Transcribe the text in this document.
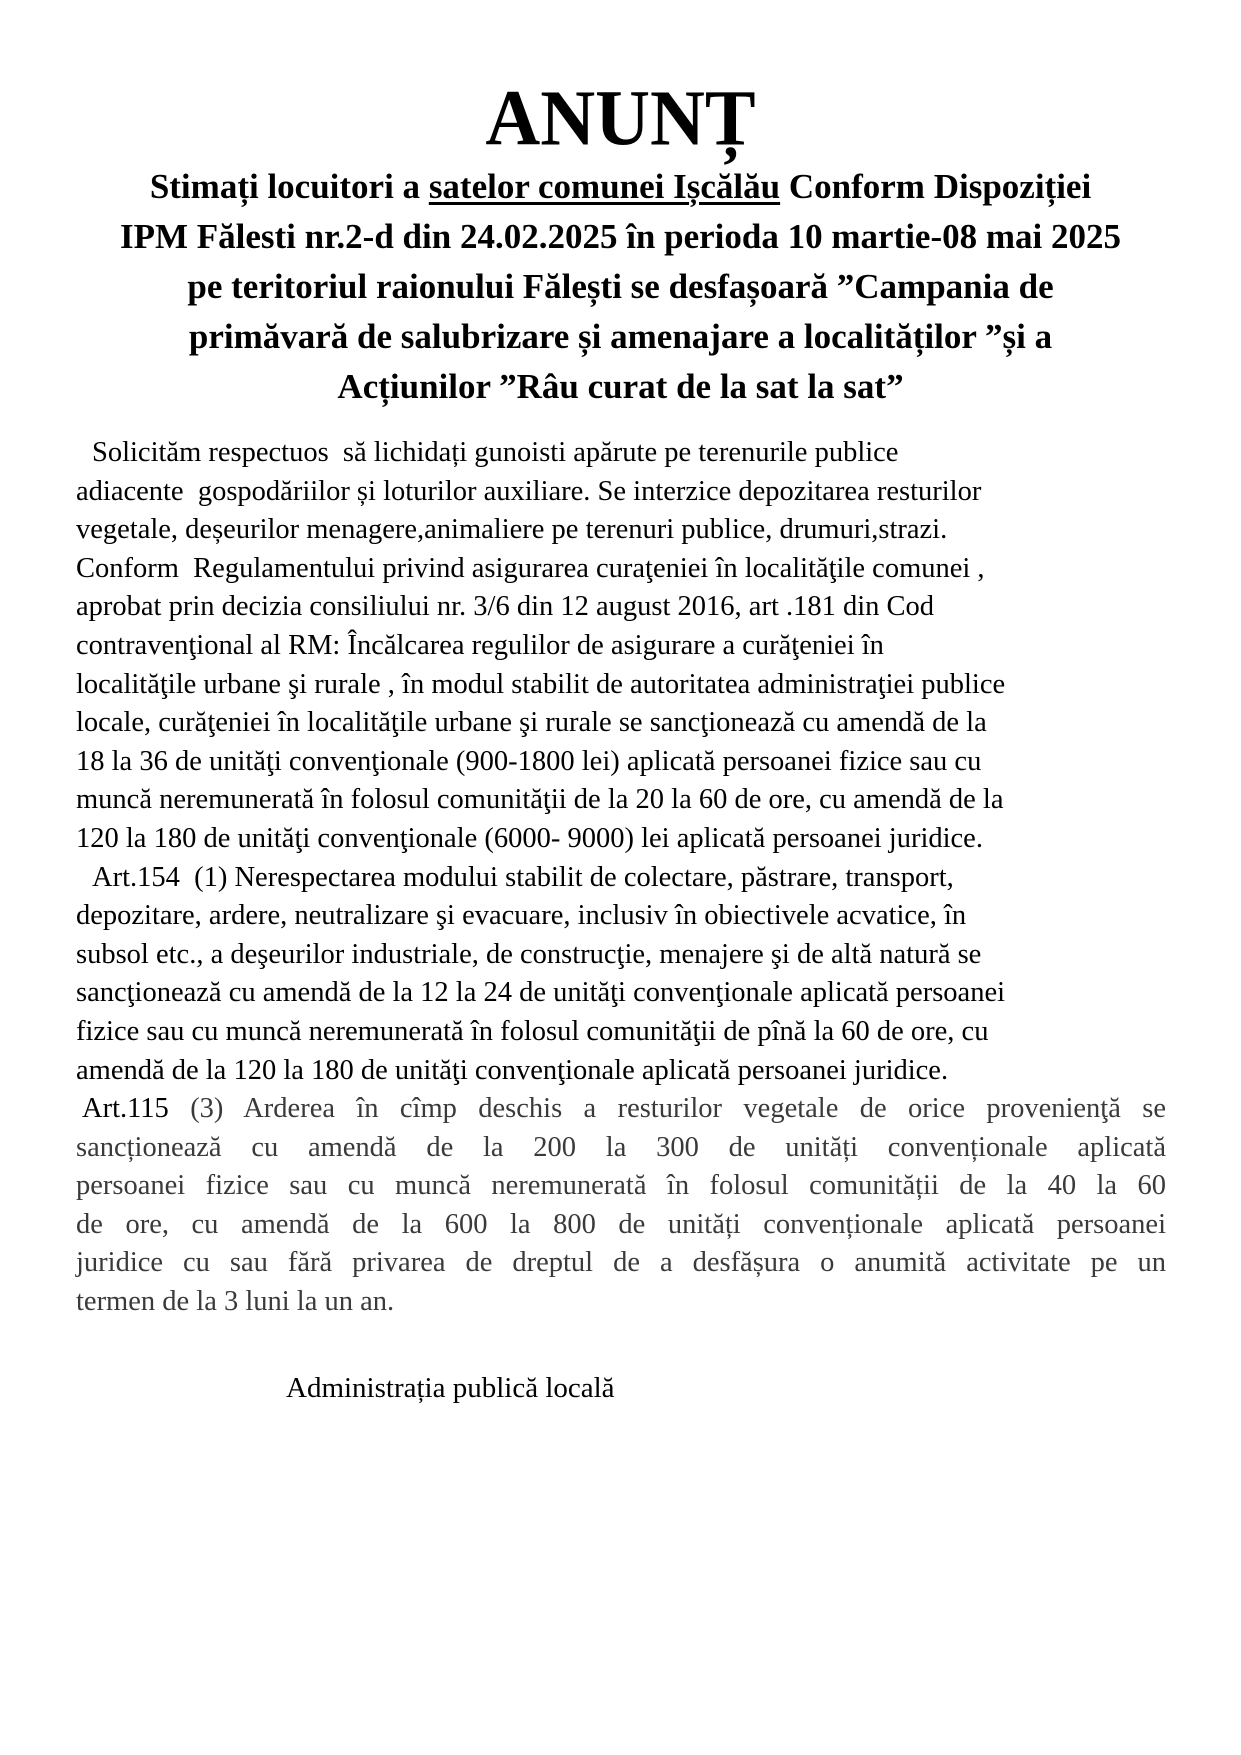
ANUNȚ
Stimați locuitori a satelor comunei Ișcălău Conform Dispoziției
IPM Fălesti nr.2-d din 24.02.2025 în perioda 10 martie-08 mai 2025
pe teritoriul raionului Fălești se desfașoară ”Campania de
primăvară de salubrizare și amenajare a localităților ”și a
Acțiunilor ”Râu curat de la sat la sat”
Solicităm respectuos  să lichidați gunoisti apărute pe terenurile publice
adiacente  gospodăriilor și loturilor auxiliare. Se interzice depozitarea resturilor
vegetale, deșeurilor menagere,animaliere pe terenuri publice, drumuri,strazi.
Conform  Regulamentului privind asigurarea curaţeniei în localităţile comunei ,
aprobat prin decizia consiliului nr. 3/6 din 12 august 2016, art .181 din Cod
contravenţional al RM: Încălcarea regulilor de asigurare a curăţeniei în
localităţile urbane şi rurale , în modul stabilit de autoritatea administraţiei publice
locale, curăţeniei în localităţile urbane şi rurale se sancţionează cu amendă de la
18 la 36 de unităţi convenţionale (900-1800 lei) aplicată persoanei fizice sau cu
muncă neremunerată în folosul comunităţii de la 20 la 60 de ore, cu amendă de la
120 la 180 de unităţi convenţionale (6000- 9000) lei aplicată persoanei juridice.
Art.154  (1) Nerespectarea modului stabilit de colectare, păstrare, transport,
depozitare, ardere, neutralizare şi evacuare, inclusiv în obiectivele acvatice, în
subsol etc., a deşeurilor industriale, de construcţie, menajere şi de altă natură se
sancţionează cu amendă de la 12 la 24 de unităţi convenţionale aplicată persoanei
fizice sau cu muncă neremunerată în folosul comunităţii de pînă la 60 de ore, cu
amendă de la 120 la 180 de unităţi convenţionale aplicată persoanei juridice.
Art.115 (3) Arderea în cîmp deschis a resturilor vegetale de orice provenienţă se
sancționează cu amendă de la 200 la 300 de unități convenționale aplicată
persoanei fizice sau cu muncă neremunerată în folosul comunității de la 40 la 60
de ore, cu amendă de la 600 la 800 de unități convenționale aplicată persoanei
juridice cu sau fără privarea de dreptul de a desfășura o anumită activitate pe un
termen de la 3 luni la un an.
Administrația publică locală
